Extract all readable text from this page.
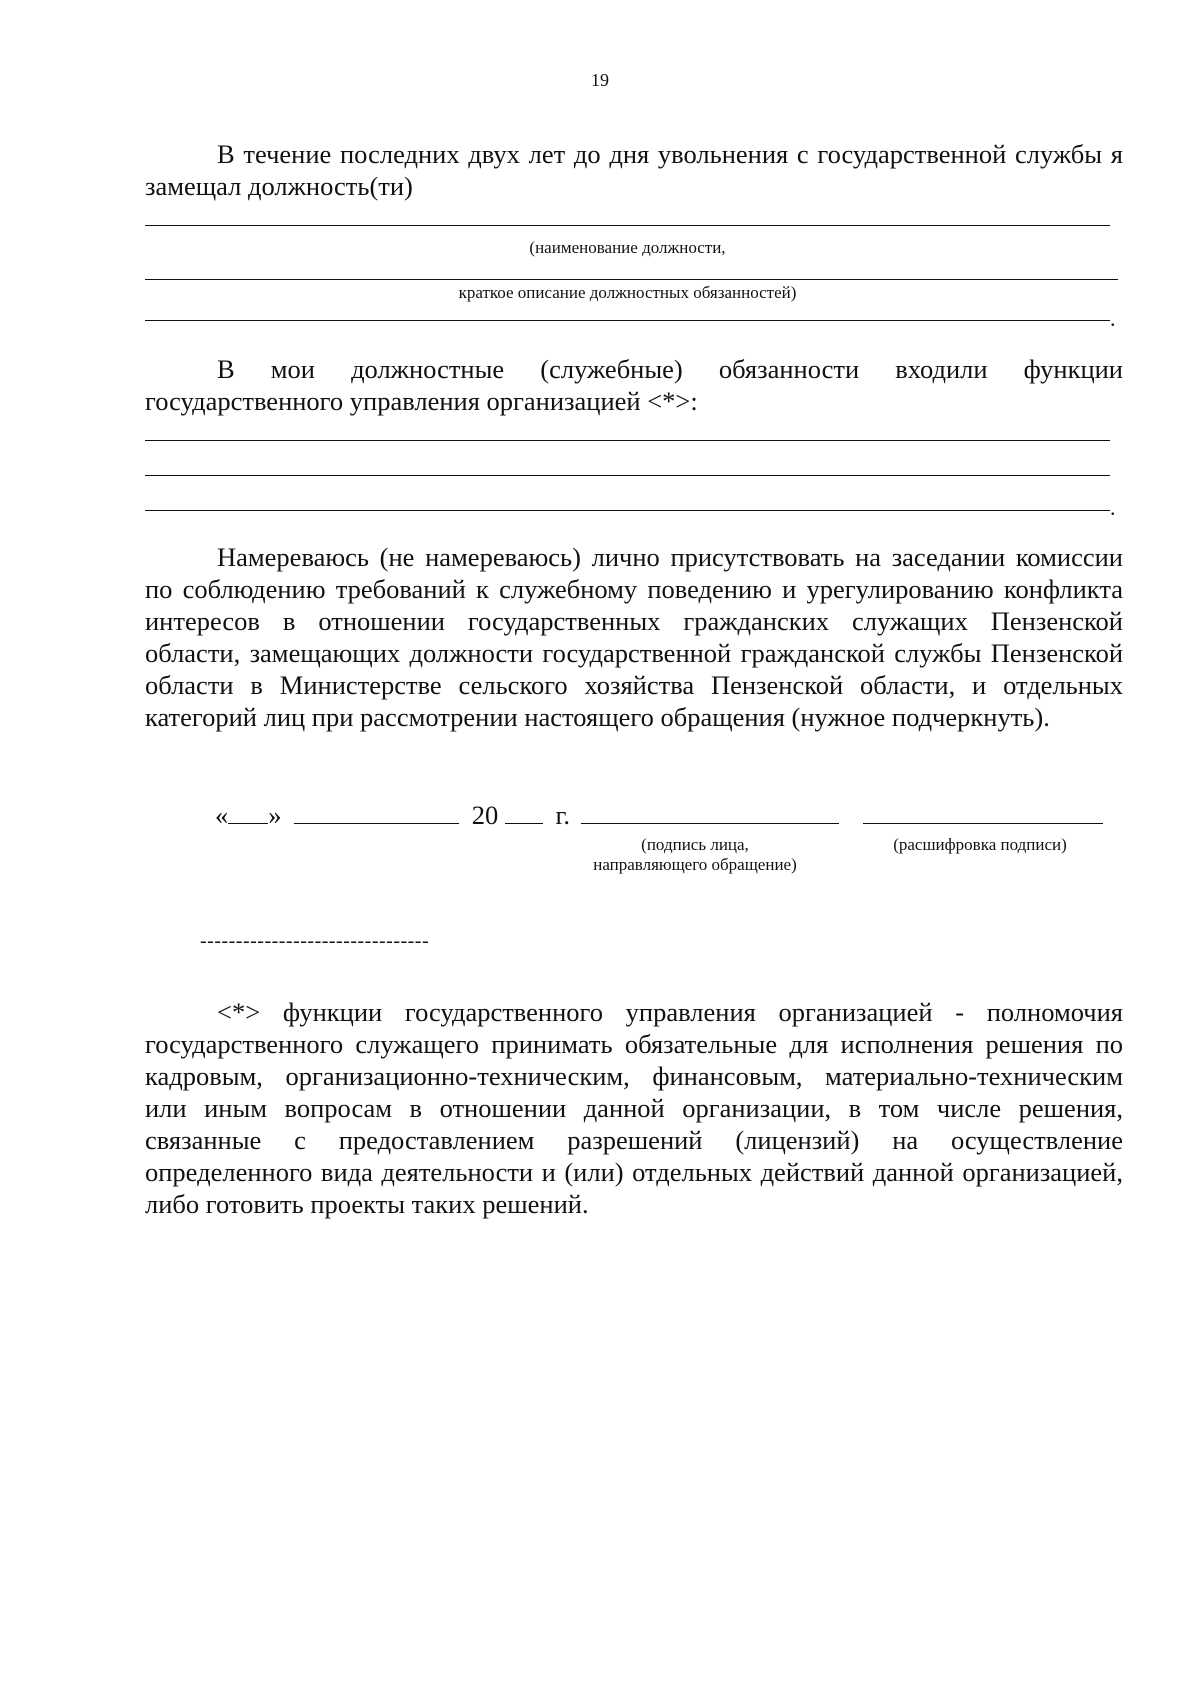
19
В течение последних двух лет до дня увольнения с государственной службы я замещал должность(ти)
(наименование должности,
краткое описание должностных обязанностей)
.
В мои должностные (служебные) обязанности входили функции государственного управления организацией <*>:
.
Намереваюсь (не намереваюсь) лично присутствовать на заседании комиссии по соблюдению требований к служебному поведению и урегулированию конфликта интересов в отношении государственных гражданских служащих Пензенской области, замещающих должности государственной гражданской службы Пензенской области в Министерстве сельского хозяйства Пензенской области, и отдельных категорий лиц при рассмотрении настоящего обращения (нужное подчеркнуть).
« »	20 г.
(подпись лица,
направляющего обращение)
(расшифровка подписи)
--------------------------------
<*> функции государственного управления организацией - полномочия государственного служащего принимать обязательные для исполнения решения по кадровым, организационно-техническим, финансовым, материально-техническим или иным вопросам в отношении данной организации, в том числе решения, связанные с предоставлением разрешений (лицензий) на осуществление определенного вида деятельности и (или) отдельных действий данной организацией, либо готовить проекты таких решений.
